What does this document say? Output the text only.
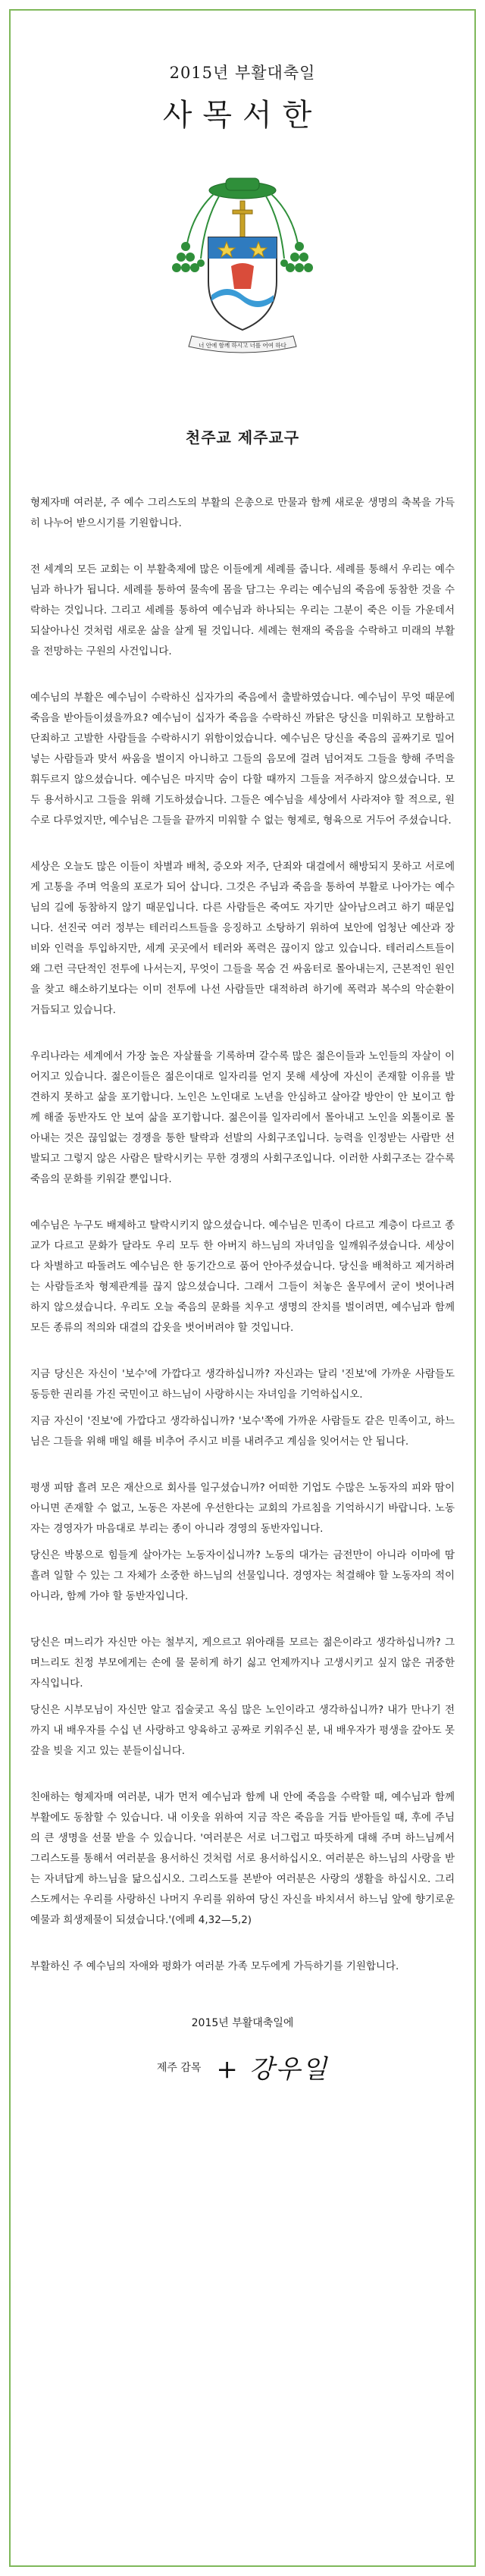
2015년 부활대축일
사목서한
너 안에 함께 하시고 너를 어여 하다
천주교 제주교구

형제자매 여러분, 주 예수 그리스도의 부활의 은총으로 만물과 함께 새로운 생명의 축복을 가득히 나누어 받으시기를 기원합니다.

전 세계의 모든 교회는 이 부활축제에 많은 이들에게 세례를 줍니다. 세례를 통해서 우리는 예수님과 하나가 됩니다. 세례를 통하여 물속에 몸을 담그는 우리는 예수님의 죽음에 동참한 것을 수락하는 것입니다. 그리고 세례를 통하여 예수님과 하나되는 우리는 그분이 죽은 이들 가운데서 되살아나신 것처럼 새로운 삶을 살게 될 것입니다. 세례는 현재의 죽음을 수락하고 미래의 부활을 전망하는 구원의 사건입니다.

예수님의 부활은 예수님이 수락하신 십자가의 죽음에서 출발하였습니다. 예수님이 무엇 때문에 죽음을 받아들이셨을까요? 예수님이 십자가 죽음을 수락하신 까닭은 당신을 미워하고 모함하고 단죄하고 고발한 사람들을 수락하시기 위함이었습니다. 예수님은 당신을 죽음의 골짜기로 밀어넣는 사람들과 맞서 싸움을 벌이지 아니하고 그들의 음모에 걸려 넘어져도 그들을 향해 주먹을 휘두르지 않으셨습니다. 예수님은 마지막 숨이 다할 때까지 그들을 저주하지 않으셨습니다. 모두 용서하시고 그들을 위해 기도하셨습니다. 그들은 예수님을 세상에서 사라져야 할 적으로, 원수로 다루었지만, 예수님은 그들을 끝까지 미워할 수 없는 형제로, 형육으로 거두어 주셨습니다.

세상은 오늘도 많은 이들이 차별과 배척, 증오와 저주, 단죄와 대결에서 해방되지 못하고 서로에게 고통을 주며 억울의 포로가 되어 삽니다. 그것은 주님과 죽음을 통하여 부활로 나아가는 예수님의 길에 동참하지 않기 때문입니다. 다른 사람들은 죽여도 자기만 살아남으려고 하기 때문입니다. 선진국 여러 정부는 테러리스트들을 응징하고 소탕하기 위하여 보안에 엄청난 예산과 장비와 인력을 투입하지만, 세계 곳곳에서 테러와 폭력은 끊이지 않고 있습니다. 테러리스트들이 왜 그런 극단적인 전투에 나서는지, 무엇이 그들을 목숨 건 싸움터로 몰아내는지, 근본적인 원인을 찾고 해소하기보다는 이미 전투에 나선 사람들만 대적하려 하기에 폭력과 복수의 악순환이 거듭되고 있습니다.

우리나라는 세계에서 가장 높은 자살률을 기록하며 갈수록 많은 젊은이들과 노인들의 자살이 이어지고 있습니다. 젊은이들은 젊은이대로 일자리를 얻지 못해 세상에 자신이 존재할 이유를 발견하지 못하고 삶을 포기합니다. 노인은 노인대로 노년을 안심하고 살아갈 방안이 안 보이고 함께 해줄 동반자도 안 보여 삶을 포기합니다. 젊은이를 일자리에서 몰아내고 노인을 외톨이로 몰아내는 것은 끊임없는 경쟁을 통한 탈락과 선발의 사회구조입니다. 능력을 인정받는 사람만 선발되고 그렇지 않은 사람은 탈락시키는 무한 경쟁의 사회구조입니다. 이러한 사회구조는 갈수록 죽음의 문화를 키워갈 뿐입니다.

예수님은 누구도 배제하고 탈락시키지 않으셨습니다. 예수님은 민족이 다르고 계층이 다르고 종교가 다르고 문화가 달라도 우리 모두 한 아버지 하느님의 자녀임을 일깨워주셨습니다. 세상이 다 차별하고 따돌려도 예수님은 한 동기간으로 품어 안아주셨습니다. 당신을 배척하고 제거하려는 사람들조차 형제관계를 끊지 않으셨습니다. 그래서 그들이 처놓은 올무에서 굳이 벗어나려 하지 않으셨습니다. 우리도 오늘 죽음의 문화를 치우고 생명의 잔치를 벌이려면, 예수님과 함께 모든 종류의 적의와 대결의 갑옷을 벗어버려야 할 것입니다.

지금 당신은 자신이 '보수'에 가깝다고 생각하십니까? 자신과는 달리 '진보'에 가까운 사람들도 동등한 권리를 가진 국민이고 하느님이 사랑하시는 자녀임을 기억하십시오.

지금 자신이 '진보'에 가깝다고 생각하십니까? '보수'쪽에 가까운 사람들도 같은 민족이고, 하느님은 그들을 위해 매일 해를 비추어 주시고 비를 내려주고 계심을 잊어서는 안 됩니다.

평생 피땀 흘려 모은 재산으로 회사를 일구셨습니까? 어떠한 기업도 수많은 노동자의 피와 땀이 아니면 존재할 수 없고, 노동은 자본에 우선한다는 교회의 가르침을 기억하시기 바랍니다. 노동자는 경영자가 마음대로 부리는 종이 아니라 경영의 동반자입니다.

당신은 박봉으로 힘들게 살아가는 노동자이십니까? 노동의 대가는 금전만이 아니라 이마에 땀 흘려 일할 수 있는 그 자체가 소중한 하느님의 선물입니다. 경영자는 척결해야 할 노동자의 적이 아니라, 함께 가야 할 동반자입니다.

당신은 며느리가 자신만 아는 철부지, 게으르고 위아래를 모르는 젊은이라고 생각하십니까? 그 며느리도 친정 부모에게는 손에 물 묻히게 하기 싫고 언제까지나 고생시키고 싶지 않은 귀중한 자식입니다.

당신은 시부모님이 자신만 알고 집술궂고 옥심 많은 노인이라고 생각하십니까? 내가 만나기 전까지 내 배우자를 수십 년 사랑하고 양육하고 공짜로 키워주신 분, 내 배우자가 평생을 갚아도 못 갚을 빚을 지고 있는 분들이십니다.

친애하는 형제자매 여러분, 내가 먼저 예수님과 함께 내 안에 죽음을 수락할 때, 예수님과 함께 부활에도 동참할 수 있습니다. 내 이웃을 위하여 지금 작은 죽음을 거듭 받아들일 때, 후에 주님의 큰 생명을 선물 받을 수 있습니다. '여러분은 서로 너그럽고 따뜻하게 대해 주며 하느님께서 그리스도를 통해서 여러분을 용서하신 것처럼 서로 용서하십시오. 여러분은 하느님의 사랑을 받는 자녀답게 하느님을 닮으십시오. 그리스도를 본받아 여러분은 사랑의 생활을 하십시오. 그리스도께서는 우리를 사랑하신 나머지 우리를 위하여 당신 자신을 바치셔서 하느님 앞에 향기로운 예물과 희생제물이 되셨습니다.'(에페 4,32—5,2)

부활하신 주 예수님의 자애와 평화가 여러분 가족 모두에게 가득하기를 기원합니다.

2015년 부활대축일에
제주 감목 + 강우일
